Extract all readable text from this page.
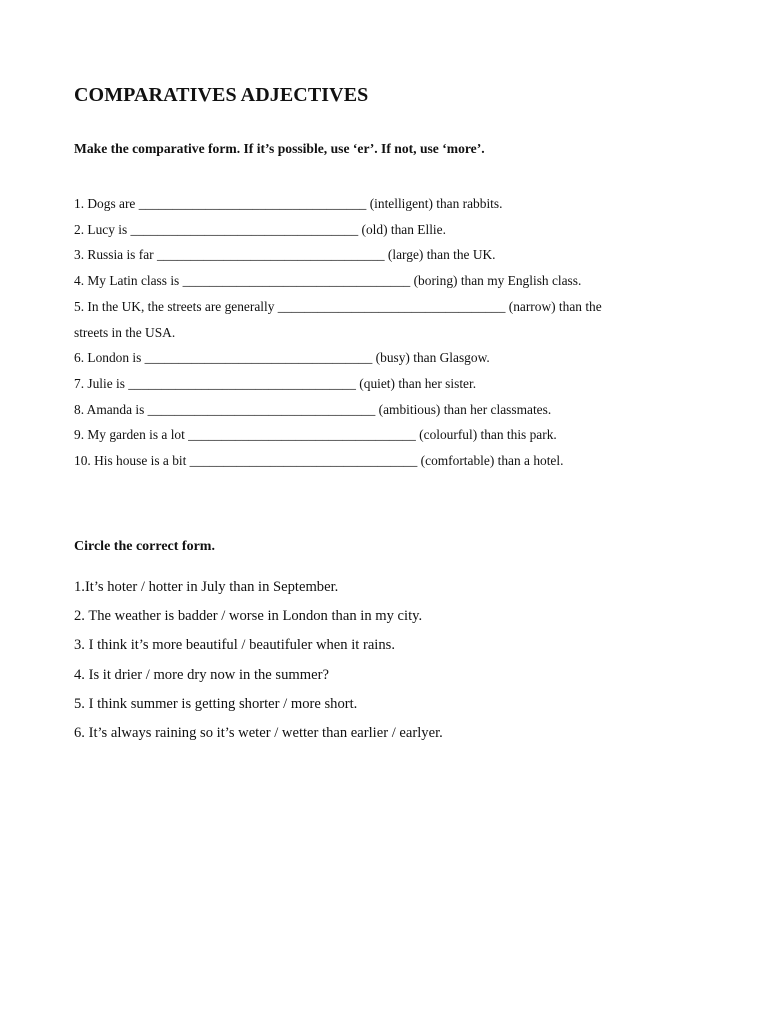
COMPARATIVES ADJECTIVES

Make the comparative form. If it’s possible, use ‘er’. If not, use ‘more’.

1. Dogs are __________________________________ (intelligent) than rabbits.
2. Lucy is __________________________________ (old) than Ellie.
3. Russia is far __________________________________ (large) than the UK.
4. My Latin class is __________________________________ (boring) than my English class.
5. In the UK, the streets are generally __________________________________ (narrow) than the
streets in the USA.
6. London is __________________________________ (busy) than Glasgow.
7. Julie is __________________________________ (quiet) than her sister.
8. Amanda is __________________________________ (ambitious) than her classmates.
9. My garden is a lot __________________________________ (colourful) than this park.
10. His house is a bit __________________________________ (comfortable) than a hotel.

Circle the correct form.

1.It’s hoter / hotter in July than in September.
2. The weather is badder / worse in London than in my city.
3. I think it’s more beautiful / beautifuler when it rains.
4. Is it drier / more dry now in the summer?
5. I think summer is getting shorter / more short.
6. It’s always raining so it’s weter / wetter than earlier / earlyer.
